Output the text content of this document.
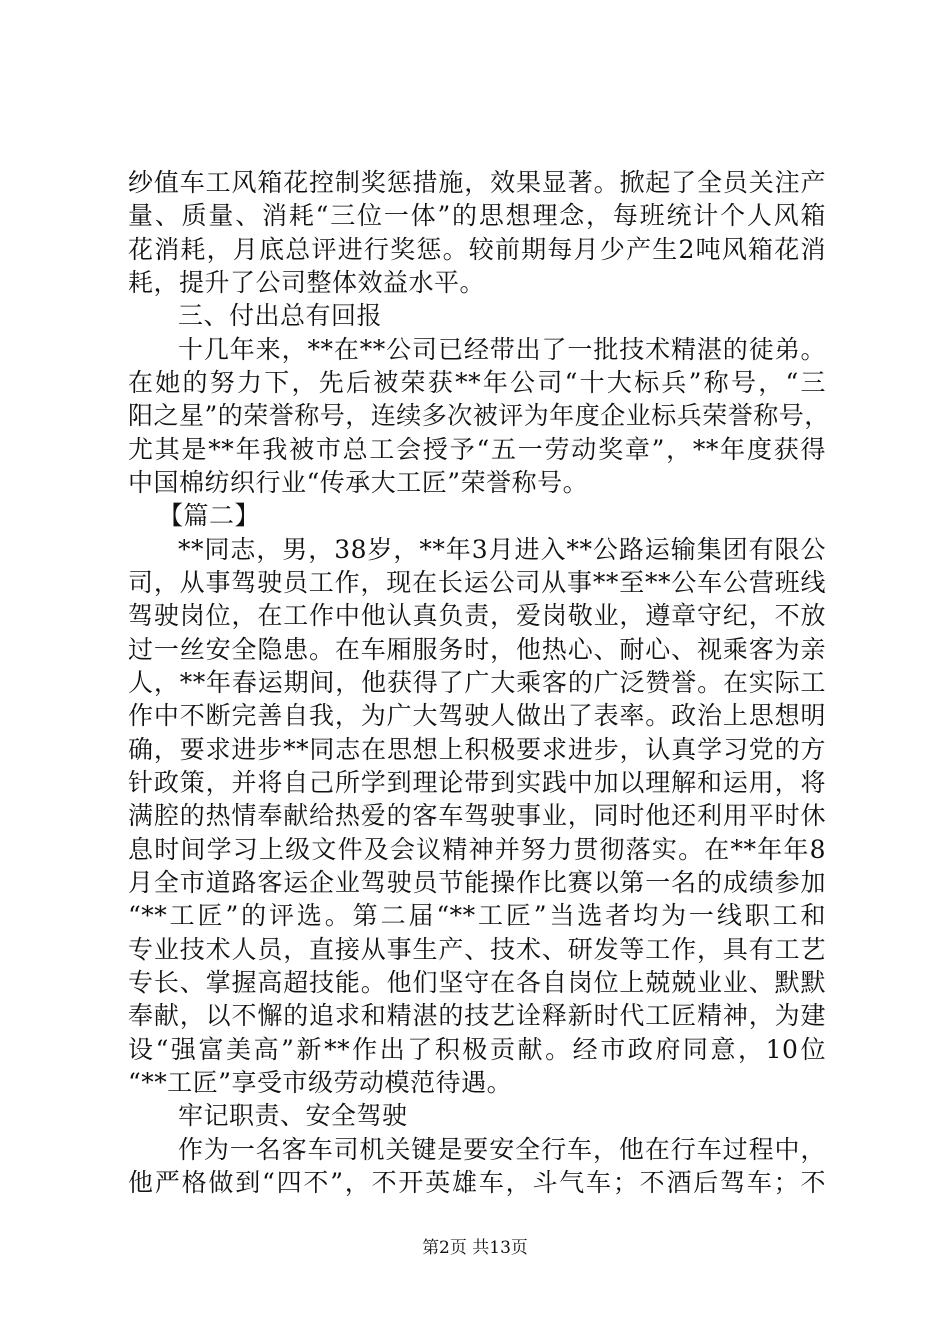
纱值车工风箱花控制奖惩措施，效果显著。掀起了全员关注产
量、质量、消耗“三位一体”的思想理念，每班统计个人风箱
花消耗，月底总评进行奖惩。较前期每月少产生2吨风箱花消
耗，提升了公司整体效益水平。
三、付出总有回报
十几年来，**在**公司已经带出了一批技术精湛的徒弟。
在她的努力下，先后被荣获**年公司“十大标兵”称号，“三
阳之星”的荣誉称号，连续多次被评为年度企业标兵荣誉称号，
尤其是**年我被市总工会授予“五一劳动奖章”，**年度获得
中国棉纺织行业“传承大工匠”荣誉称号。
【篇二】
**同志，男，38岁，**年3月进入**公路运输集团有限公
司，从事驾驶员工作，现在长运公司从事**至**公车公营班线
驾驶岗位，在工作中他认真负责，爱岗敬业，遵章守纪，不放
过一丝安全隐患。在车厢服务时，他热心、耐心、视乘客为亲
人，**年春运期间，他获得了广大乘客的广泛赞誉。在实际工
作中不断完善自我，为广大驾驶人做出了表率。政治上思想明
确，要求进步**同志在思想上积极要求进步，认真学习党的方
针政策，并将自己所学到理论带到实践中加以理解和运用，将
满腔的热情奉献给热爱的客车驾驶事业，同时他还利用平时休
息时间学习上级文件及会议精神并努力贯彻落实。在**年年8
月全市道路客运企业驾驶员节能操作比赛以第一名的成绩参加
“**工匠”的评选。第二届“**工匠”当选者均为一线职工和
专业技术人员，直接从事生产、技术、研发等工作，具有工艺
专长、掌握高超技能。他们坚守在各自岗位上兢兢业业、默默
奉献，以不懈的追求和精湛的技艺诠释新时代工匠精神，为建
设“强富美高”新**作出了积极贡献。经市政府同意，10位
“**工匠”享受市级劳动模范待遇。
牢记职责、安全驾驶
作为一名客车司机关键是要安全行车，他在行车过程中，
他严格做到“四不”，不开英雄车，斗气车；不酒后驾车；不
第2页 共13页
